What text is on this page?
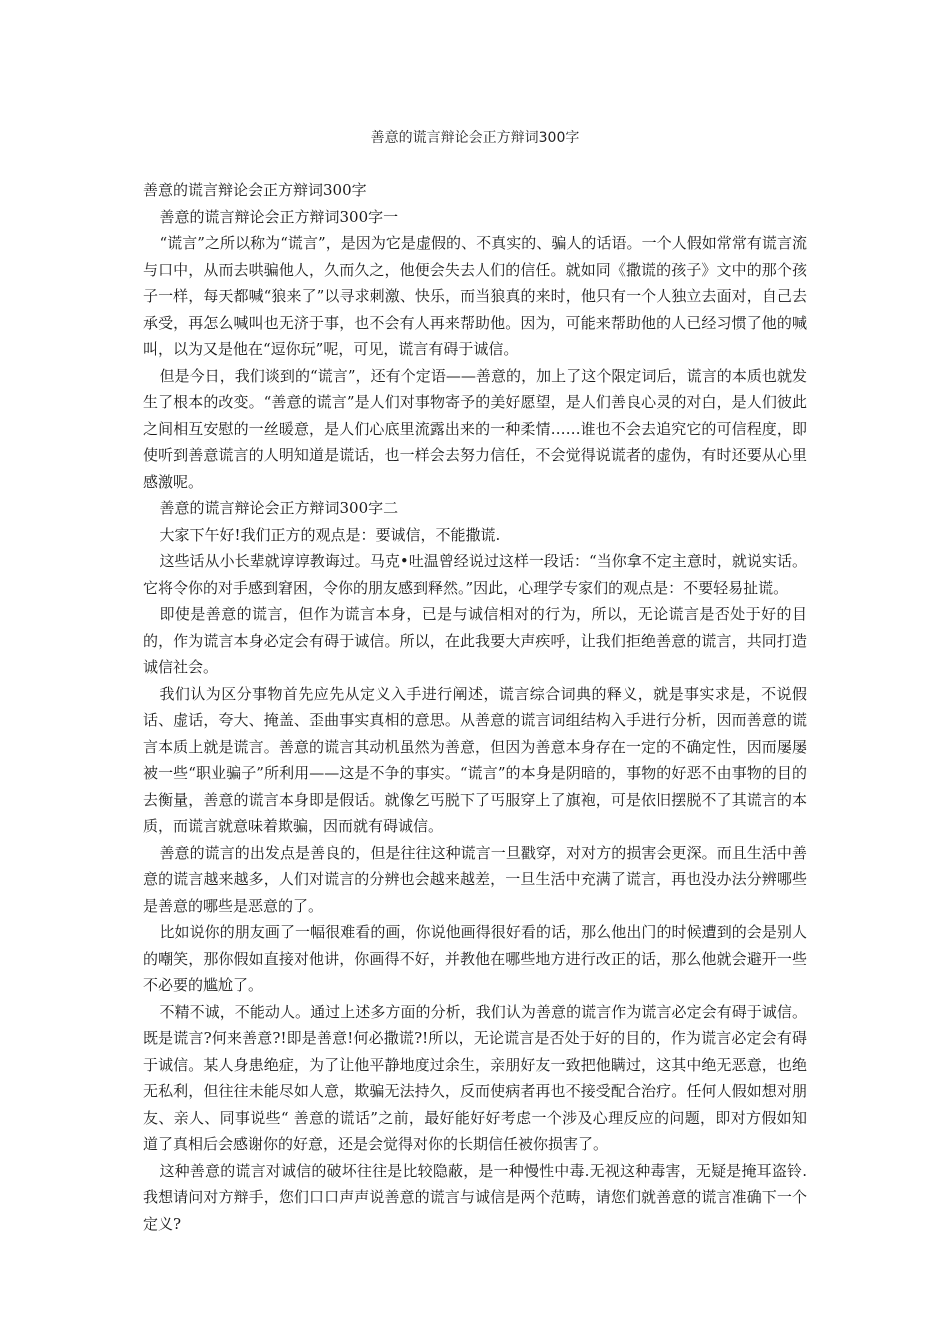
善意的谎言辩论会正方辩词300字

善意的谎言辩论会正方辩词300字

善意的谎言辩论会正方辩词300字一

“谎言”之所以称为“谎言”，是因为它是虚假的、不真实的、骗人的话语。一个人假如常常有谎言流与口中，从而去哄骗他人，久而久之，他便会失去人们的信任。就如同《撒谎的孩子》文中的那个孩子一样，每天都喊“狼来了”以寻求刺激、快乐，而当狼真的来时，他只有一个人独立去面对，自己去承受，再怎么喊叫也无济于事，也不会有人再来帮助他。因为，可能来帮助他的人已经习惯了他的喊叫，以为又是他在“逗你玩”呢，可见，谎言有碍于诚信。

但是今日，我们谈到的“谎言”，还有个定语——善意的，加上了这个限定词后，谎言的本质也就发生了根本的改变。“善意的谎言”是人们对事物寄予的美好愿望，是人们善良心灵的对白，是人们彼此之间相互安慰的一丝暖意，是人们心底里流露出来的一种柔情……谁也不会去追究它的可信程度，即使听到善意谎言的人明知道是谎话，也一样会去努力信任，不会觉得说谎者的虚伪，有时还要从心里感激呢。

善意的谎言辩论会正方辩词300字二

大家下午好!我们正方的观点是：要诚信，不能撒谎.

这些话从小长辈就谆谆教诲过。马克•吐温曾经说过这样一段话：“当你拿不定主意时，就说实话。它将令你的对手感到窘困，令你的朋友感到释然。”因此，心理学专家们的观点是：不要轻易扯谎。

即使是善意的谎言，但作为谎言本身，已是与诚信相对的行为，所以，无论谎言是否处于好的目的，作为谎言本身必定会有碍于诚信。所以，在此我要大声疾呼，让我们拒绝善意的谎言，共同打造诚信社会。

我们认为区分事物首先应先从定义入手进行阐述，谎言综合词典的释义，就是事实求是，不说假话、虚话，夸大、掩盖、歪曲事实真相的意思。从善意的谎言词组结构入手进行分析，因而善意的谎言本质上就是谎言。善意的谎言其动机虽然为善意，但因为善意本身存在一定的不确定性，因而屡屡被一些“职业骗子”所利用——这是不争的事实。“谎言”的本身是阴暗的，事物的好恶不由事物的目的去衡量，善意的谎言本身即是假话。就像乞丐脱下了丐服穿上了旗袍，可是依旧摆脱不了其谎言的本质，而谎言就意味着欺骗，因而就有碍诚信。

善意的谎言的出发点是善良的，但是往往这种谎言一旦戳穿，对对方的损害会更深。而且生活中善意的谎言越来越多，人们对谎言的分辨也会越来越差，一旦生活中充满了谎言，再也没办法分辨哪些是善意的哪些是恶意的了。

比如说你的朋友画了一幅很难看的画，你说他画得很好看的话，那么他出门的时候遭到的会是别人的嘲笑，那你假如直接对他讲，你画得不好，并教他在哪些地方进行改正的话，那么他就会避开一些不必要的尴尬了。

不精不诚，不能动人。通过上述多方面的分析，我们认为善意的谎言作为谎言必定会有碍于诚信。既是谎言?何来善意?!即是善意!何必撒谎?!所以，无论谎言是否处于好的目的，作为谎言必定会有碍于诚信。某人身患绝症，为了让他平静地度过余生，亲朋好友一致把他瞒过，这其中绝无恶意，也绝无私利，但往往未能尽如人意，欺骗无法持久，反而使病者再也不接受配合治疗。任何人假如想对朋友、亲人、同事说些“ 善意的谎话”之前，最好能好好考虑一个涉及心理反应的问题，即对方假如知道了真相后会感谢你的好意，还是会觉得对你的长期信任被你损害了。

这种善意的谎言对诚信的破坏往往是比较隐蔽，是一种慢性中毒.无视这种毒害，无疑是掩耳盗铃.我想请问对方辩手，您们口口声声说善意的谎言与诚信是两个范畴，请您们就善意的谎言准确下一个定义?
